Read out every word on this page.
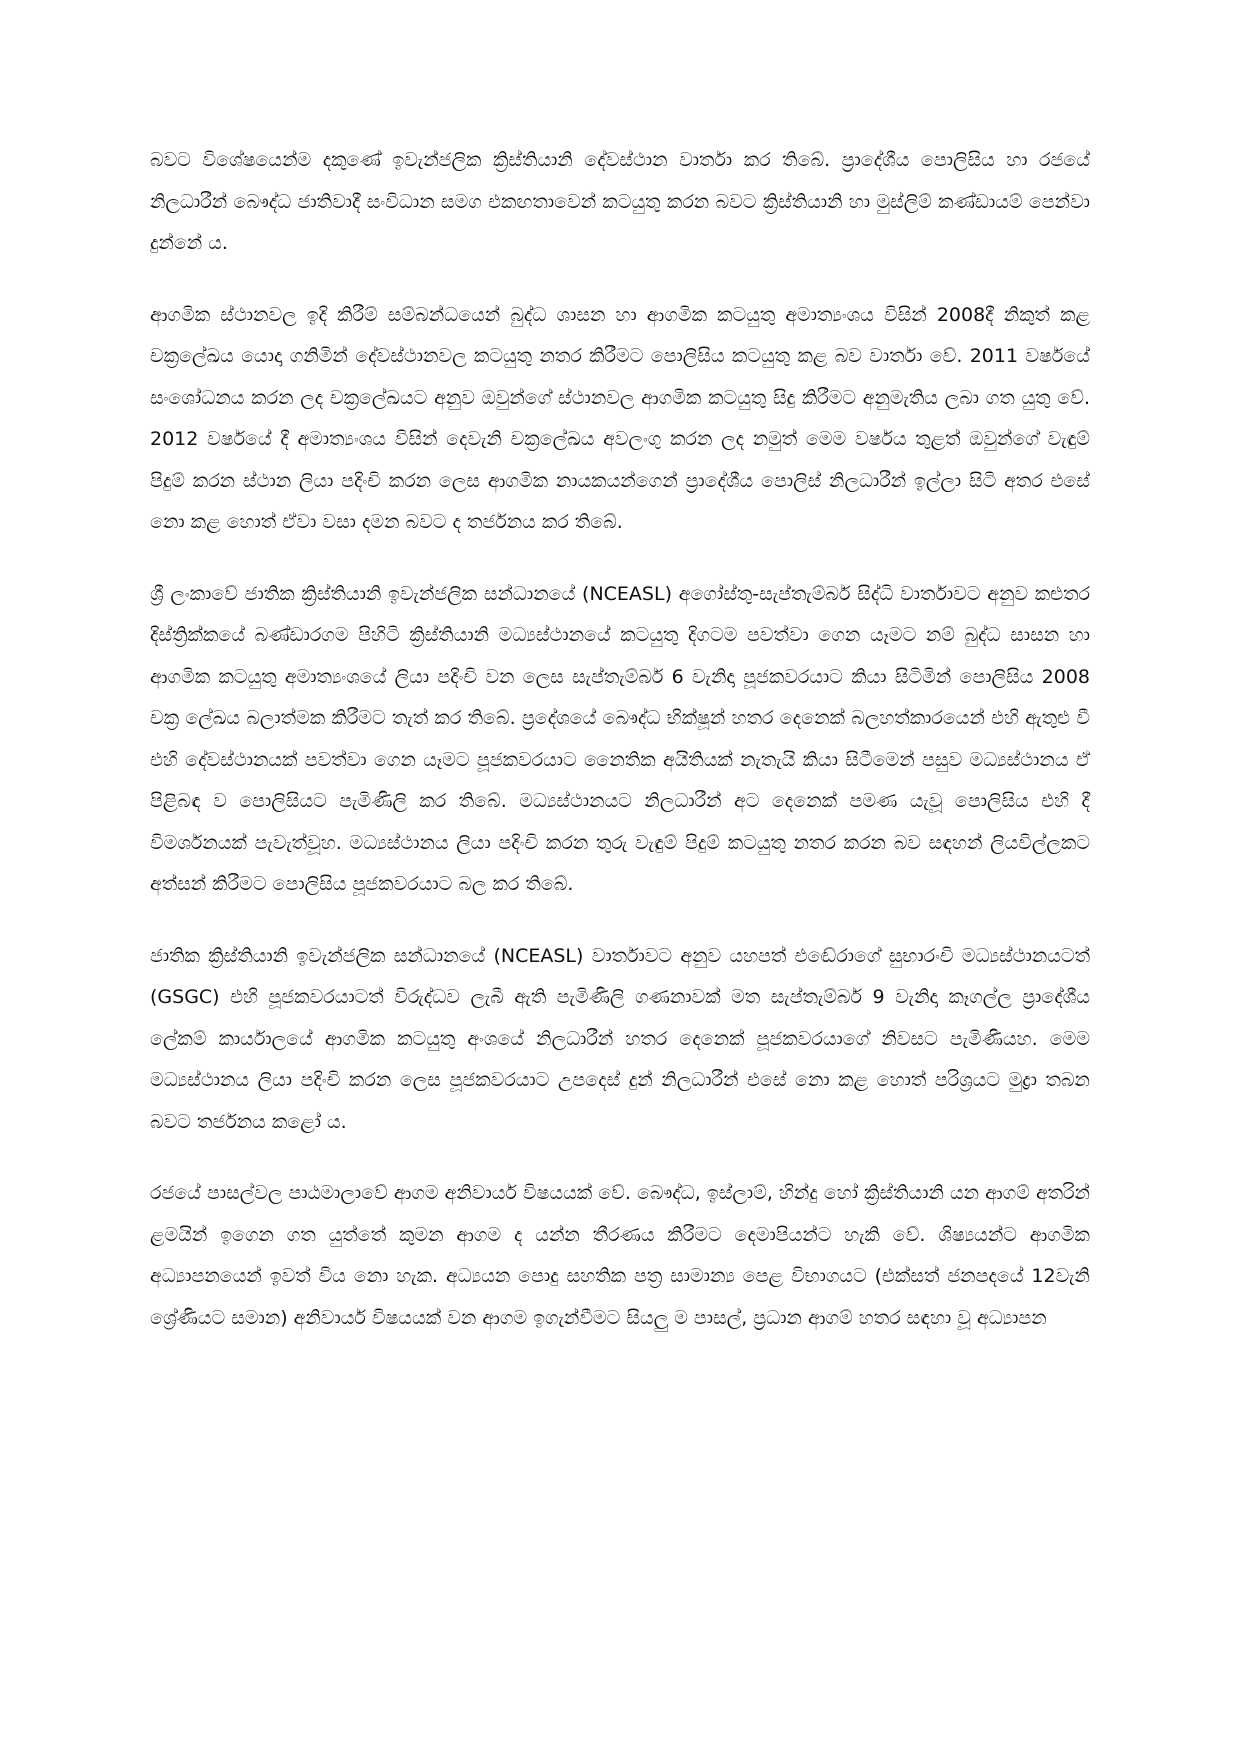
බවට විශේෂයෙන්ම දකුණේ ඉවැන්ජලික ක්‍රිස්තියානි දේවස්ථාන වාර්තා කර තිබේ. ප්‍රාදේශීය පොලිසිය හා රජයේ නිලධාරීන් බෞද්ධ ජාතිවාදී සංවිධාන සමග එකඟතාවෙන් කටයුතු කරන බවට ක්‍රිස්තියානි හා මුස්ලිම් කණ්ඩායම් පෙන්වා දුන්නේ ය.

ආගමික ස්ථානවල ඉදි කිරීම් සම්බන්ධයෙන් බුද්ධ ශාසන හා ආගමික කටයුතු අමාත්‍යංශය විසින් 2008දී නිකුත් කළ චක්‍රලේඛය යොදා ගනිමින් දේවස්ථානවල කටයුතු නතර කිරීමට පොලිසිය කටයුතු කළ බව වාර්තා වේ. 2011 වර්ෂයේ සංශෝධනය කරන ලද චක්‍රලේඛයට අනුව ඔවුන්ගේ ස්ථානවල ආගමික කටයුතු සිදු කිරීමට අනුමැතිය ලබා ගත යුතු වේ. 2012 වර්ෂයේ දී අමාත්‍යංශය විසින් දෙවැනි චක්‍රලේඛය අවලංගු කරන ලද නමුත් මෙම වර්ෂය තුළත් ඔවුන්ගේ වැඳුම් පිදුම් කරන ස්ථාන ලියා පදිංචි කරන ලෙස ආගමික නායකයන්ගෙන් ප්‍රාදේශීය පොලිස් නිලධාරීන් ඉල්ලා සිටි අතර එසේ නො කළ හොත් ඒවා වසා දමන බවට ද තර්ජනය කර තිබේ.

ශ්‍රී ලංකාවේ ජාතික ක්‍රිස්තියානි ඉවැන්ජලික සන්ධානයේ (NCEASL) අගෝස්තු-සැප්තැම්බර් සිද්ධි වාර්තාවට අනුව කළුතර දිස්ත්‍රික්කයේ බණ්ඩාරගම පිහිටි ක්‍රිස්තියානි මධ්‍යස්ථානයේ කටයුතු දිගටම පවත්වා ගෙන යෑමට නම් බුද්ධ සාසන හා ආගමික කටයුතු අමාත්‍යංශයේ ලියා පදිංචි වන ලෙස සැප්තැම්බර් 6 වැනිදා පූජකවරයාට කියා සිටිමින් පොලිසිය 2008 චක්‍ර ලේඛය බලාත්මක කිරීමට තැත් කර තිබේ. ප්‍රදේශයේ බෞද්ධ භික්ෂූන් හතර දෙනෙක් බලහත්කාරයෙන් එහි ඇතුළු වී එහි දේවස්ථානයක් පවත්වා ගෙන යෑමට පූජකවරයාට නෛතික අයිතියක් නැතැයි කියා සිටීමෙන් පසුව මධ්‍යස්ථානය ඒ පිළිබඳ ව පොලිසියට පැමිණිලි කර තිබේ. මධ්‍යස්ථානයට නිලධාරීන් අට දෙනෙක් පමණ යැවූ පොලිසිය එහි දී විමර්ශනයක් පැවැත්වූහ. මධ්‍යස්ථානය ලියා පදිංචි කරන තුරු වැඳුම් පිදුම් කටයුතු නතර කරන බව සඳහන් ලියවිල්ලකට අත්සන් කිරීමට පොලිසිය පූජකවරයාට බල කර තිබේ.

ජාතික ක්‍රිස්තියානි ඉවැන්ජලික සන්ධානයේ (NCEASL) වාර්තාවට අනුව යහපත් එඬේරාගේ සුභාරංචි මධ්‍යස්ථානයටත් (GSGC) එහි පූජකවරයාටත් විරුද්ධව ලැබී ඇති පැමිණිලි ගණනාවක් මත සැප්තැම්බර් 9 වැනිදා කෑගල්ල ප්‍රාදේශීය ලේකම් කාර්යාලයේ ආගමික කටයුතු අංශයේ නිලධාරීන් හතර දෙනෙක් පූජකවරයාගේ නිවසට පැමිණියහ. මෙම මධ්‍යස්ථානය ලියා පදිංචි කරන ලෙස පූජකවරයාට උපදෙස් දුන් නිලධාරීන් එසේ නො කළ හොත් පරිශ්‍රයට මුද්‍රා තබන බවට තර්ජනය කළෝ ය.

රජයේ පාසල්වල පාඨමාලාවේ ආගම අනිවාර්ය විෂයයක් වේ. බෞද්ධ, ඉස්ලාම්, හින්දු හෝ ක්‍රිස්තියානි යන ආගම් අතරින් ළමයින් ඉගෙන ගත යුත්තේ කුමන ආගම ද යන්න තීරණය කිරීමට දෙමාපියන්ට හැකි වේ. ශිෂ්‍යයන්ට ආගමික අධ්‍යාපනයෙන් ඉවත් විය නො හැක. අධ්‍යයන පොදු සහතික පත්‍ර සාමාන්‍ය පෙළ විභාගයට (එක්සත් ජනපදයේ 12වැනි ශ්‍රේණියට සමාන) අනිවාර්ය විෂයයක් වන ආගම ඉගැන්වීමට සියලු ම පාසල්, ප්‍රධාන ආගම් හතර සඳහා වූ අධ්‍යාපන
